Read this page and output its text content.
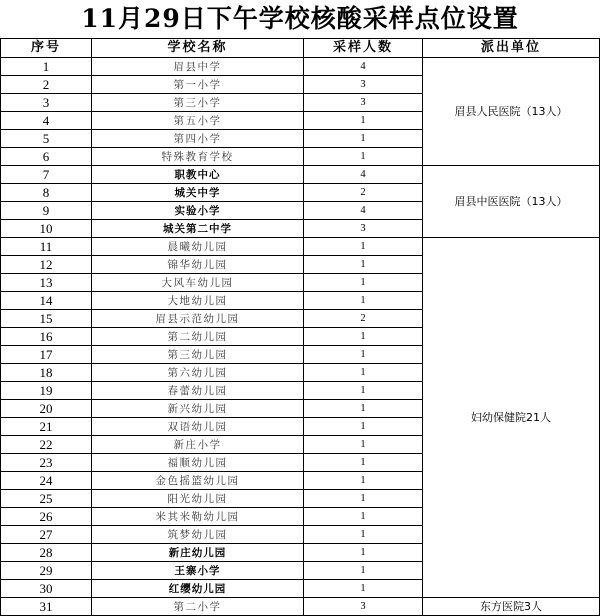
11月29日下午学校核酸采样点位设置
序号	学校名称	采样人数	派出单位
1	眉县中学	4	眉县人民医院（13人）
2	第一小学	3	
3	第三小学	3	
4	第五小学	1	
5	第四小学	1	
6	特殊教育学校	1	
7	职教中心	4	眉县中医医院（13人）
8	城关中学	2	
9	实验小学	4	
10	城关第二中学	3	
11	晨曦幼儿园	1	妇幼保健院21人
12	锦华幼儿园	1	
13	大风车幼儿园	1	
14	大地幼儿园	1	
15	眉县示范幼儿园	2	
16	第二幼儿园	1	
17	第三幼儿园	1	
18	第六幼儿园	1	
19	春蕾幼儿园	1	
20	新兴幼儿园	1	
21	双语幼儿园	1	
22	新庄小学	1	
23	福顺幼儿园	1	
24	金色摇篮幼儿园	1	
25	阳光幼儿园	1	
26	米其米勒幼儿园	1	
27	筑梦幼儿园	1	
28	新庄幼儿园	1	
29	王寨小学	1	
30	红缨幼儿园	1	
31	第二小学	3	东方医院3人
